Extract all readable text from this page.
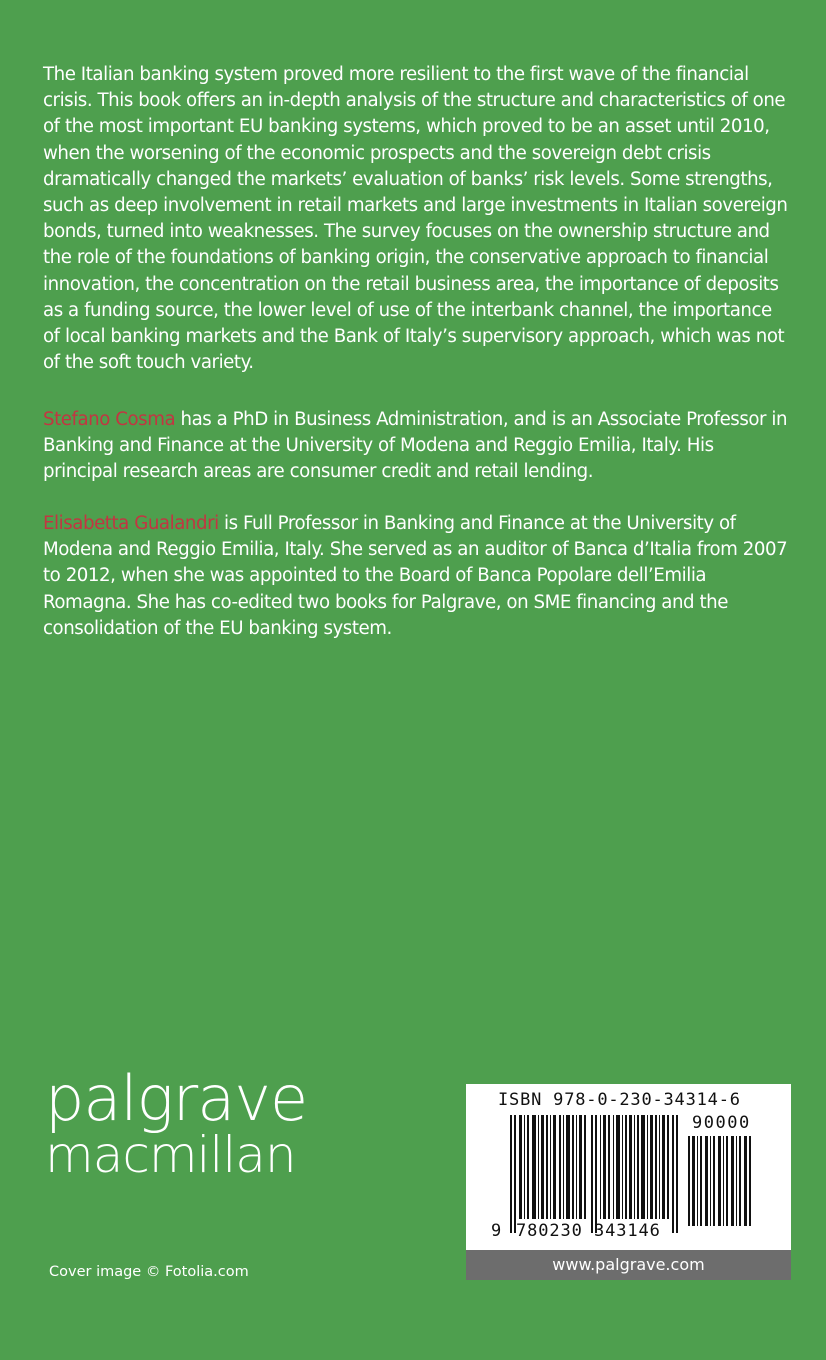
The Italian banking system proved more resilient to the first wave of the financial crisis. This book offers an in-depth analysis of the structure and characteristics of one of the most important EU banking systems, which proved to be an asset until 2010, when the worsening of the economic prospects and the sovereign debt crisis dramatically changed the markets’ evaluation of banks’ risk levels. Some strengths, such as deep involvement in retail markets and large investments in Italian sovereign bonds, turned into weaknesses. The survey focuses on the ownership structure and the role of the foundations of banking origin, the conservative approach to financial innovation, the concentration on the retail business area, the importance of deposits as a funding source, the lower level of use of the interbank channel, the importance of local banking markets and the Bank of Italy’s supervisory approach, which was not of the soft touch variety.

Stefano Cosma has a PhD in Business Administration, and is an Associate Professor in Banking and Finance at the University of Modena and Reggio Emilia, Italy. His principal research areas are consumer credit and retail lending.

Elisabetta Gualandri is Full Professor in Banking and Finance at the University of Modena and Reggio Emilia, Italy. She served as an auditor of Banca d’Italia from 2007 to 2012, when she was appointed to the Board of Banca Popolare dell’Emilia Romagna. She has co-edited two books for Palgrave, on SME financing and the consolidation of the EU banking system.

palgrave
macmillan
Cover image © Fotolia.com
ISBN 978-0-230-34314-6
90000
9 780230 343146
www.palgrave.com
